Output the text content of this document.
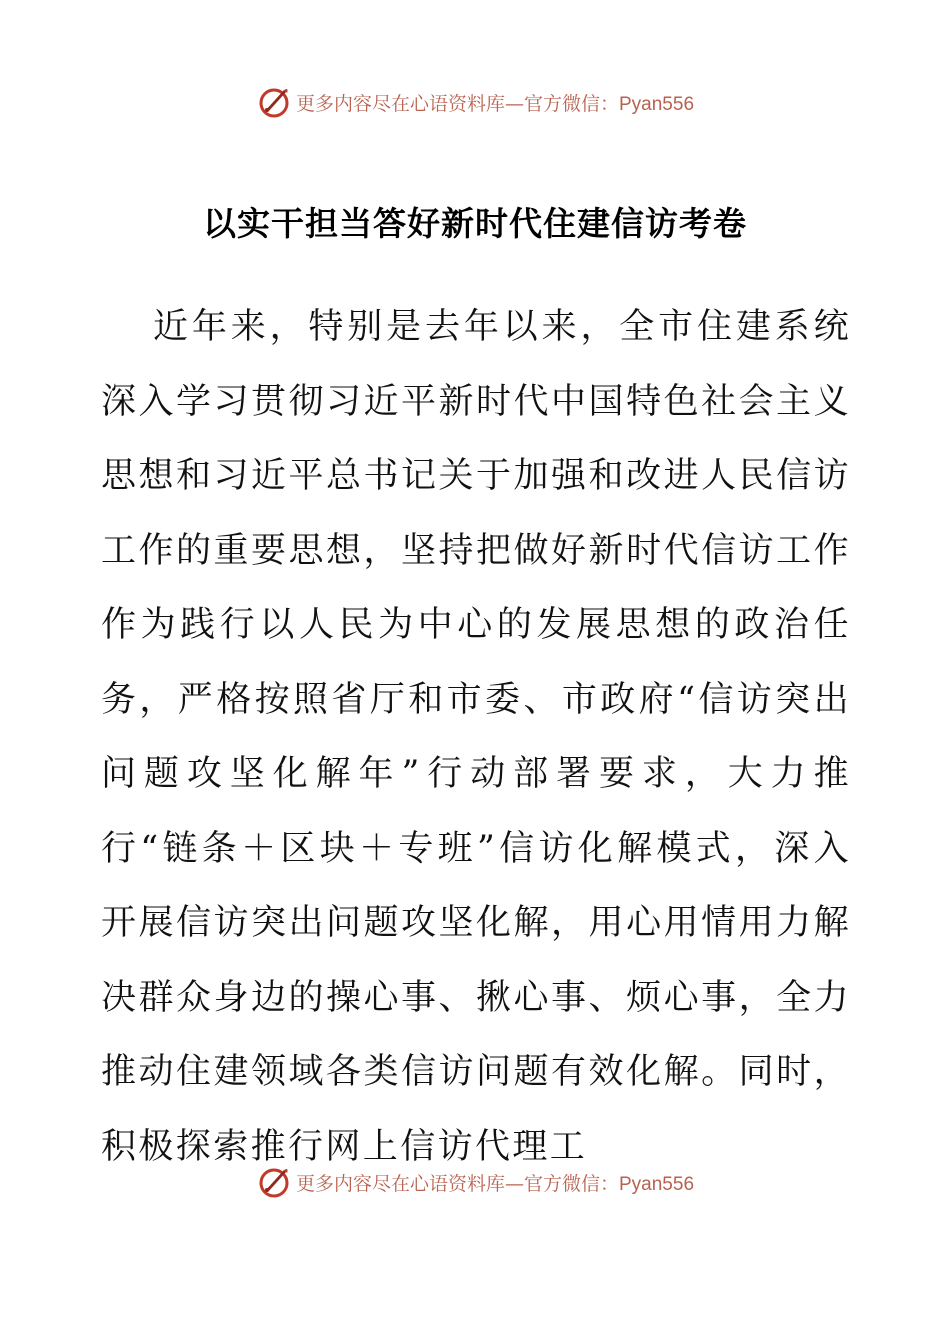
更多内容尽在心语资料库—官方微信：Pyan556
以实干担当答好新时代住建信访考卷

近年来，特别是去年以来，全市住建系统深入学习贯彻习近平新时代中国特色社会主义思想和习近平总书记关于加强和改进人民信访工作的重要思想，坚持把做好新时代信访工作作为践行以人民为中心的发展思想的政治任务，严格按照省厅和市委、市政府“信访突出问题攻坚化解年”行动部署要求，大力推行“链条＋区块＋专班”信访化解模式，深入开展信访突出问题攻坚化解，用心用情用力解决群众身边的操心事、揪心事、烦心事，全力推动住建领域各类信访问题有效化解。同时，积极探索推行网上信访代理工

更多内容尽在心语资料库—官方微信：Pyan556
